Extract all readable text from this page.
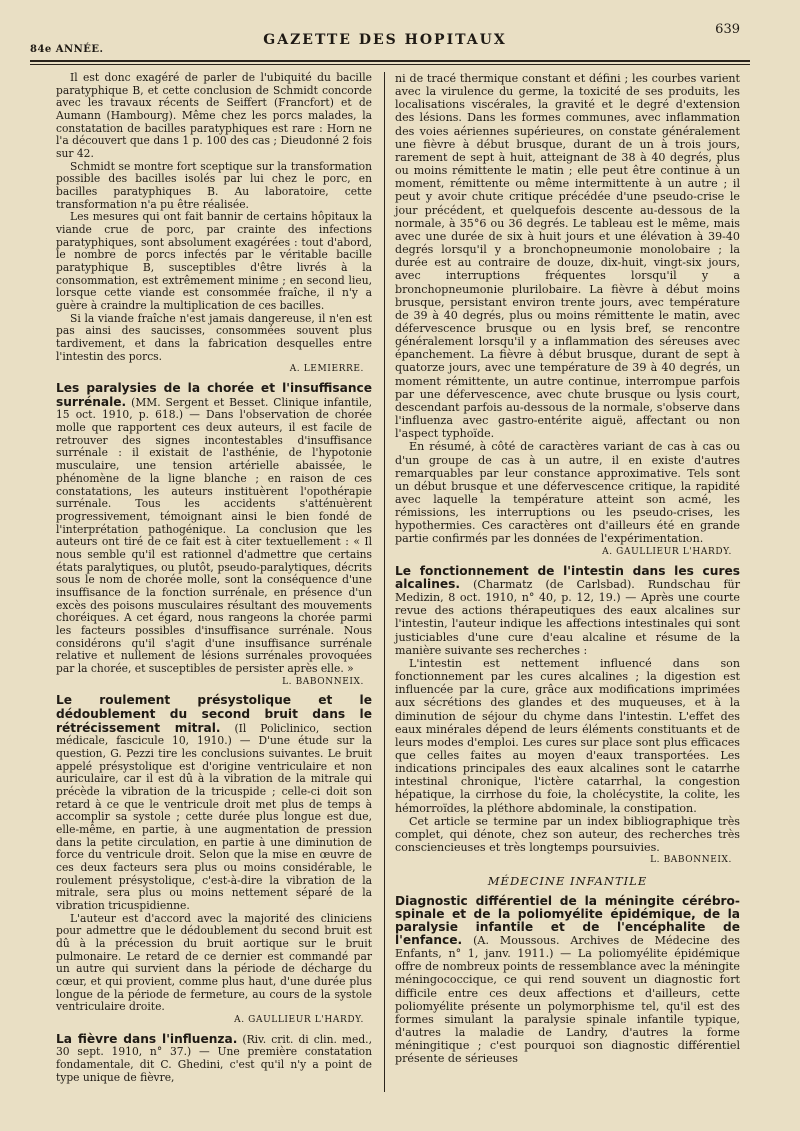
84e ANNÉE.
GAZETTE DES HOPITAUX
639

Il est donc exagéré de parler de l'ubiquité du bacille paratyphique B, et cette conclusion de Schmidt concorde avec les travaux récents de Seiffert (Francfort) et de Aumann (Hambourg). Même chez les porcs malades, la constatation de bacilles paratyphiques est rare : Horn ne l'a découvert que dans 1 p. 100 des cas ; Dieudonné 2 fois sur 42.

Schmidt se montre fort sceptique sur la transformation possible des bacilles isolés par lui chez le porc, en bacilles paratyphiques B. Au laboratoire, cette transformation n'a pu être réalisée.

Les mesures qui ont fait bannir de certains hôpitaux la viande crue de porc, par crainte des infections paratyphiques, sont absolument exagérées : tout d'abord, le nombre de porcs infectés par le véritable bacille paratyphique B, susceptibles d'être livrés à la consommation, est extrêmement minime ; en second lieu, lorsque cette viande est consommée fraîche, il n'y a guère à craindre la multiplication de ces bacilles.

Si la viande fraîche n'est jamais dangereuse, il n'en est pas ainsi des saucisses, consommées souvent plus tardivement, et dans la fabrication desquelles entre l'intestin des porcs.

A. LEMIERRE.

Les paralysies de la chorée et l'insuffisance surrénale. (MM. Sergent et Besset. Clinique infantile, 15 oct. 1910, p. 618.) — Dans l'observation de chorée molle que rapportent ces deux auteurs, il est facile de retrouver des signes incontestables d'insuffisance surrénale : il existait de l'asthénie, de l'hypotonie musculaire, une tension artérielle abaissée, le phénomène de la ligne blanche ; en raison de ces constatations, les auteurs instituèrent l'opothérapie surrénale. Tous les accidents s'atténuèrent progressivement, témoignant ainsi le bien fondé de l'interprétation pathogénique. La conclusion que les auteurs ont tiré de ce fait est à citer textuellement : « Il nous semble qu'il est rationnel d'admettre que certains états paralytiques, ou plutôt, pseudo-paralytiques, décrits sous le nom de chorée molle, sont la conséquence d'une insuffisance de la fonction surrénale, en présence d'un excès des poisons musculaires résultant des mouvements choréiques. A cet égard, nous rangeons la chorée parmi les facteurs possibles d'insuffisance surrénale. Nous considérons qu'il s'agit d'une insuffisance surrénale relative et nullement de lésions surrénales provoquées par la chorée, et susceptibles de persister après elle. »

L. BABONNEIX.

Le roulement présystolique et le dédoublement du second bruit dans le rétrécissement mitral. (Il Policlinico, section médicale, fascicule 10, 1910.) — D'une étude sur la question, G. Pezzi tire les conclusions suivantes. Le bruit appelé présystolique est d'origine ventriculaire et non auriculaire, car il est dû à la vibration de la mitrale qui précède la vibration de la tricuspide ; celle-ci doit son retard à ce que le ventricule droit met plus de temps à accomplir sa systole ; cette durée plus longue est due, elle-même, en partie, à une augmentation de pression dans la petite circulation, en partie à une diminution de force du ventricule droit. Selon que la mise en œuvre de ces deux facteurs sera plus ou moins considérable, le roulement présystolique, c'est-à-dire la vibration de la mitrale, sera plus ou moins nettement séparé de la vibration tricuspidienne.

L'auteur est d'accord avec la majorité des cliniciens pour admettre que le dédoublement du second bruit est dû à la précession du bruit aortique sur le bruit pulmonaire. Le retard de ce dernier est commandé par un autre qui survient dans la période de décharge du cœur, et qui provient, comme plus haut, d'une durée plus longue de la période de fermeture, au cours de la systole ventriculaire droite.

A. GAULLIEUR L'HARDY.

La fièvre dans l'influenza. (Riv. crit. di clin. med., 30 sept. 1910, n° 37.) — Une première constatation fondamentale, dit C. Ghedini, c'est qu'il n'y a point de type unique de fièvre,

ni de tracé thermique constant et défini ; les courbes varient avec la virulence du germe, la toxicité de ses produits, les localisations viscérales, la gravité et le degré d'extension des lésions. Dans les formes communes, avec inflammation des voies aériennes supérieures, on constate généralement une fièvre à début brusque, durant de un à trois jours, rarement de sept à huit, atteignant de 38 à 40 degrés, plus ou moins rémittente le matin ; elle peut être continue à un moment, rémittente ou même intermittente à un autre ; il peut y avoir chute critique précédée d'une pseudo-crise le jour précédent, et quelquefois descente au-dessous de la normale, à 35°6 ou 36 degrés. Le tableau est le même, mais avec une durée de six à huit jours et une élévation à 39-40 degrés lorsqu'il y a bronchopneumonie monolobaire ; la durée est au contraire de douze, dix-huit, vingt-six jours, avec interruptions fréquentes lorsqu'il y a bronchopneumonie plurilobaire. La fièvre à début moins brusque, persistant environ trente jours, avec température de 39 à 40 degrés, plus ou moins rémittente le matin, avec défervescence brusque ou en lysis bref, se rencontre généralement lorsqu'il y a inflammation des séreuses avec épanchement. La fièvre à début brusque, durant de sept à quatorze jours, avec une température de 39 à 40 degrés, un moment rémittente, un autre continue, interrompue parfois par une défervescence, avec chute brusque ou lysis court, descendant parfois au-dessous de la normale, s'observe dans l'influenza avec gastro-entérite aiguë, affectant ou non l'aspect typhoïde.

En résumé, à côté de caractères variant de cas à cas ou d'un groupe de cas à un autre, il en existe d'autres remarquables par leur constance approximative. Tels sont un début brusque et une défervescence critique, la rapidité avec laquelle la température atteint son acmé, les rémissions, les interruptions ou les pseudo-crises, les hypothermies. Ces caractères ont d'ailleurs été en grande partie confirmés par les données de l'expérimentation.

A. GAULLIEUR L'HARDY.

Le fonctionnement de l'intestin dans les cures alcalines. (Charmatz (de Carlsbad). Rundschau für Medizin, 8 oct. 1910, n° 40, p. 12, 19.) — Après une courte revue des actions thérapeutiques des eaux alcalines sur l'intestin, l'auteur indique les affections intestinales qui sont justiciables d'une cure d'eau alcaline et résume de la manière suivante ses recherches :

L'intestin est nettement influencé dans son fonctionnement par les cures alcalines ; la digestion est influencée par la cure, grâce aux modifications imprimées aux sécrétions des glandes et des muqueuses, et à la diminution de séjour du chyme dans l'intestin. L'effet des eaux minérales dépend de leurs éléments constituants et de leurs modes d'emploi. Les cures sur place sont plus efficaces que celles faites au moyen d'eaux transportées. Les indications principales des eaux alcalines sont le catarrhe intestinal chronique, l'ictère catarrhal, la congestion hépatique, la cirrhose du foie, la cholécystite, la colite, les hémorroïdes, la pléthore abdominale, la constipation.

Cet article se termine par un index bibliographique très complet, qui dénote, chez son auteur, des recherches très consciencieuses et très longtemps poursuivies.

L. BABONNEIX.
MÉDECINE INFANTILE

Diagnostic différentiel de la méningite cérébro-spinale et de la poliomyélite épidémique, de la paralysie infantile et de l'encéphalite de l'enfance. (A. Moussous. Archives de Médecine des Enfants, n° 1, janv. 1911.) — La poliomyélite épidémique offre de nombreux points de ressemblance avec la méningite méningococcique, ce qui rend souvent un diagnostic fort difficile entre ces deux affections et d'ailleurs, cette poliomyélite présente un polymorphisme tel, qu'il est des formes simulant la paralysie spinale infantile typique, d'autres la maladie de Landry, d'autres la forme méningitique ; c'est pourquoi son diagnostic différentiel présente de sérieuses
